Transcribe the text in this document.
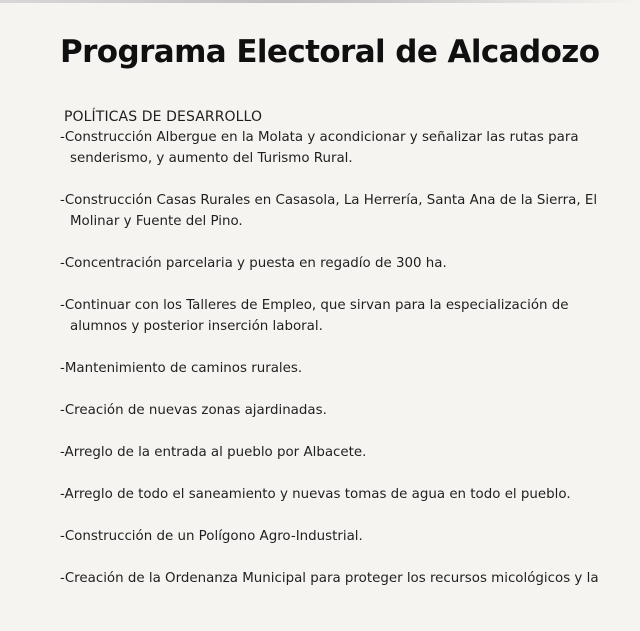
Programa Electoral de Alcadozo
POLÍTICAS DE DESARROLLO
-Construcción Albergue en la Molata y acondicionar y señalizar las rutas para senderismo, y aumento del Turismo Rural.
-Construcción Casas Rurales en Casasola, La Herrería, Santa Ana de la Sierra, El Molinar y Fuente del Pino.
-Concentración parcelaria y puesta en regadío de 300 ha.
-Continuar con los Talleres de Empleo, que sirvan para la especialización de alumnos y posterior inserción laboral.
-Mantenimiento de caminos rurales.
-Creación de nuevas zonas ajardinadas.
-Arreglo de la entrada al pueblo por Albacete.
-Arreglo de todo el saneamiento y nuevas tomas de agua en todo el pueblo.
-Construcción de un Polígono Agro-Industrial.
-Creación de la Ordenanza Municipal para proteger los recursos micológicos y la
